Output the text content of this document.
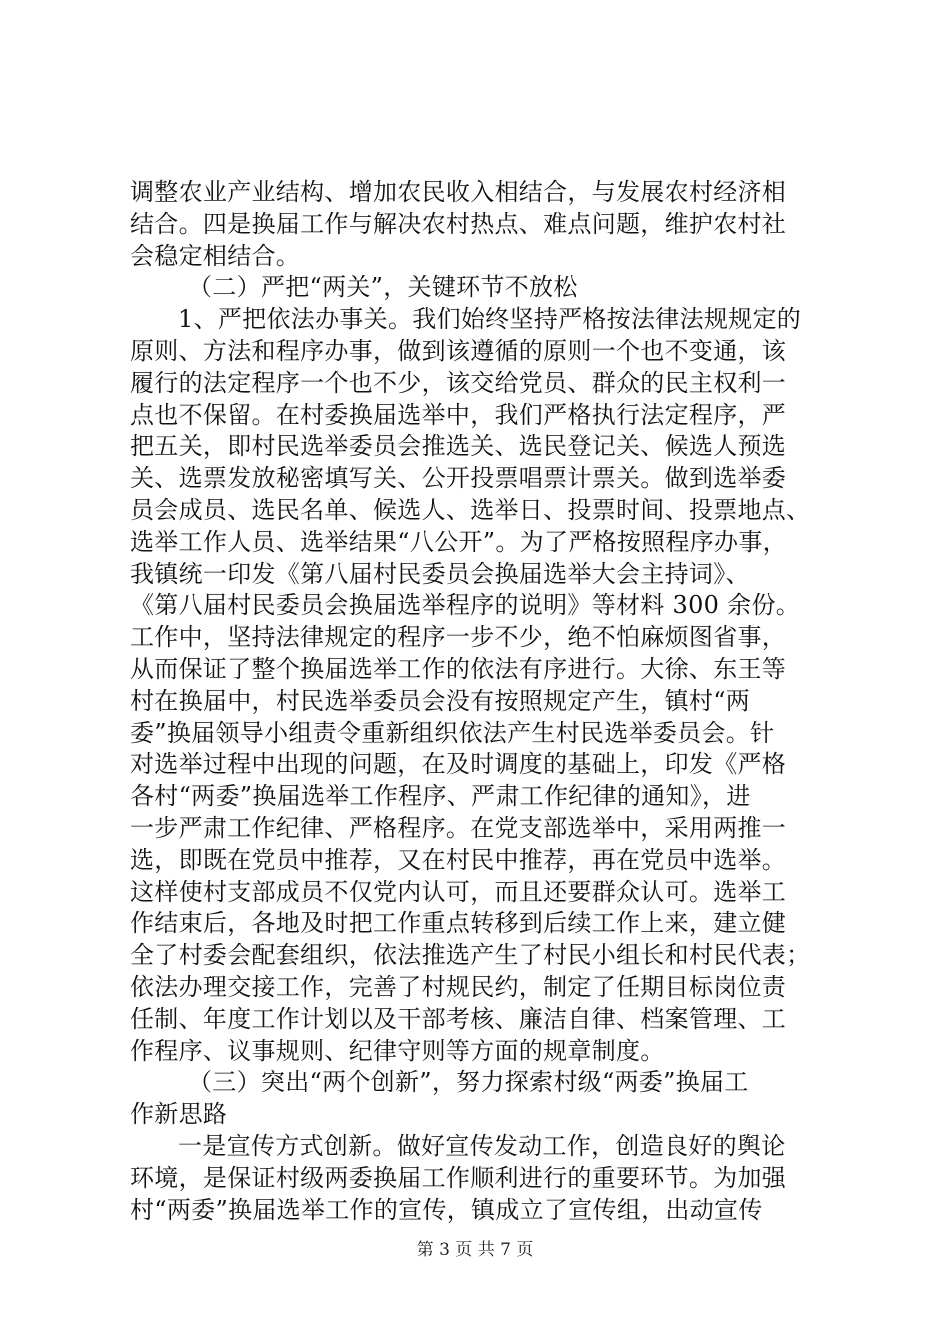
调整农业产业结构、增加农民收入相结合，与发展农村经济相
结合。四是换届工作与解决农村热点、难点问题，维护农村社
会稳定相结合。
（二）严把“两关”，关键环节不放松
1、严把依法办事关。我们始终坚持严格按法律法规规定的
原则、方法和程序办事，做到该遵循的原则一个也不变通，该
履行的法定程序一个也不少，该交给党员、群众的民主权利一
点也不保留。在村委换届选举中，我们严格执行法定程序，严
把五关，即村民选举委员会推选关、选民登记关、候选人预选
关、选票发放秘密填写关、公开投票唱票计票关。做到选举委
员会成员、选民名单、候选人、选举日、投票时间、投票地点、
选举工作人员、选举结果“八公开”。为了严格按照程序办事，
我镇统一印发《第八届村民委员会换届选举大会主持词》、
《第八届村民委员会换届选举程序的说明》等材料 300 余份。
工作中，坚持法律规定的程序一步不少，绝不怕麻烦图省事，
从而保证了整个换届选举工作的依法有序进行。大徐、东王等
村在换届中，村民选举委员会没有按照规定产生，镇村“两
委”换届领导小组责令重新组织依法产生村民选举委员会。针
对选举过程中出现的问题，在及时调度的基础上，印发《严格
各村“两委”换届选举工作程序、严肃工作纪律的通知》，进
一步严肃工作纪律、严格程序。在党支部选举中，采用两推一
选，即既在党员中推荐，又在村民中推荐，再在党员中选举。
这样使村支部成员不仅党内认可，而且还要群众认可。选举工
作结束后，各地及时把工作重点转移到后续工作上来，建立健
全了村委会配套组织，依法推选产生了村民小组长和村民代表；
依法办理交接工作，完善了村规民约，制定了任期目标岗位责
任制、年度工作计划以及干部考核、廉洁自律、档案管理、工
作程序、议事规则、纪律守则等方面的规章制度。
（三）突出“两个创新”，努力探索村级“两委”换届工
作新思路
一是宣传方式创新。做好宣传发动工作，创造良好的舆论
环境，是保证村级两委换届工作顺利进行的重要环节。为加强
村“两委”换届选举工作的宣传，镇成立了宣传组，出动宣传
第 3 页 共 7 页
